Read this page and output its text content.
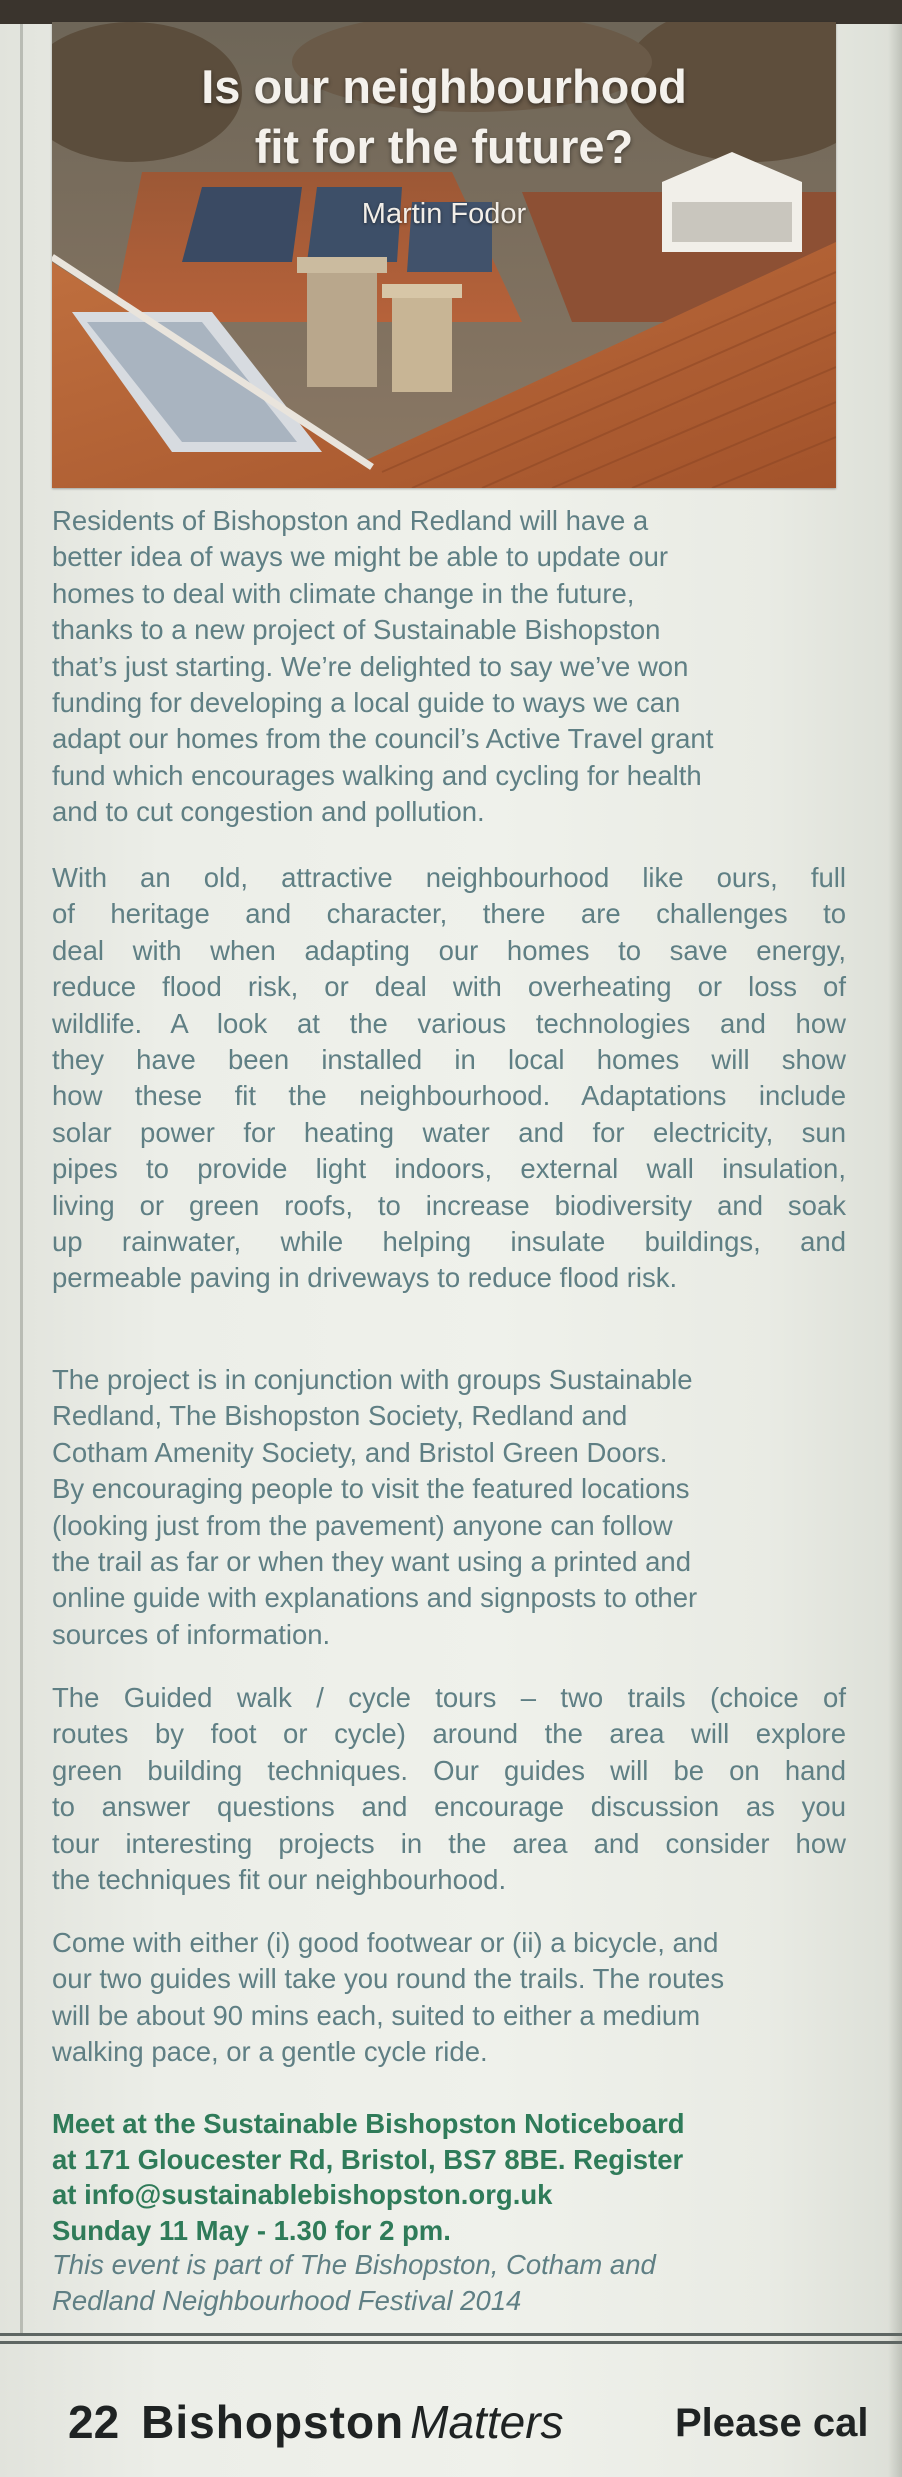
Is our neighbourhood
fit for the future?
Martin Fodor

Residents of Bishopston and Redland will have a
better idea of ways we might be able to update our
homes to deal with climate change in the future,
thanks to a new project of Sustainable Bishopston
that’s just starting. We’re delighted to say we’ve won
funding for developing a local guide to ways we can
adapt our homes from the council’s Active Travel grant
fund which encourages walking and cycling for health
and to cut congestion and pollution.

With an old, attractive neighbourhood like ours, full
of heritage and character, there are challenges to
deal with when adapting our homes to save energy,
reduce flood risk, or deal with overheating or loss of
wildlife. A look at the various technologies and how
they have been installed in local homes will show
how these fit the neighbourhood. Adaptations include
solar power for heating water and for electricity, sun
pipes to provide light indoors, external wall insulation,
living or green roofs, to increase biodiversity and soak
up rainwater, while helping insulate buildings, and
permeable paving in driveways to reduce flood risk.

The project is in conjunction with groups Sustainable
Redland, The Bishopston Society, Redland and
Cotham Amenity Society, and Bristol Green Doors.
By encouraging people to visit the featured locations
(looking just from the pavement) anyone can follow
the trail as far or when they want using a printed and
online guide with explanations and signposts to other
sources of information.

The Guided walk / cycle tours – two trails (choice of
routes by foot or cycle) around the area will explore
green building techniques. Our guides will be on hand
to answer questions and encourage discussion as you
tour interesting projects in the area and consider how
the techniques fit our neighbourhood.

Come with either (i) good footwear or (ii) a bicycle, and
our two guides will take you round the trails. The routes
will be about 90 mins each, suited to either a medium
walking pace, or a gentle cycle ride.

Meet at the Sustainable Bishopston Noticeboard
at 171 Gloucester Rd, Bristol, BS7 8BE. Register
at info@sustainablebishopston.org.uk
Sunday 11 May - 1.30 for 2 pm.
This event is part of The Bishopston, Cotham and
Redland Neighbourhood Festival 2014
22 Bishopston Matters	Please cal
